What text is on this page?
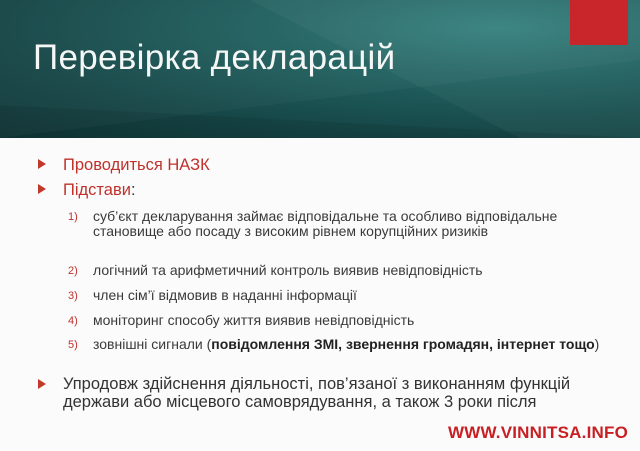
Перевірка декларацій
Проводиться НАЗК
Підстави:
1) суб’єкт декларування займає відповідальне та особливо відповідальне становище або посаду з високим рівнем корупційних ризиків
2) логічний та арифметичний контроль виявив невідповідність
3) член сім’ї відмовив в наданні інформації
4) моніторинг способу життя виявив невідповідність
5) зовнішні сигнали (повідомлення ЗМІ, звернення громадян, інтернет тощо)
Упродовж здійснення діяльності, пов’язаної з виконанням функцій держави або місцевого самоврядування, а також 3 роки після
WWW.VINNITSA.INFO
